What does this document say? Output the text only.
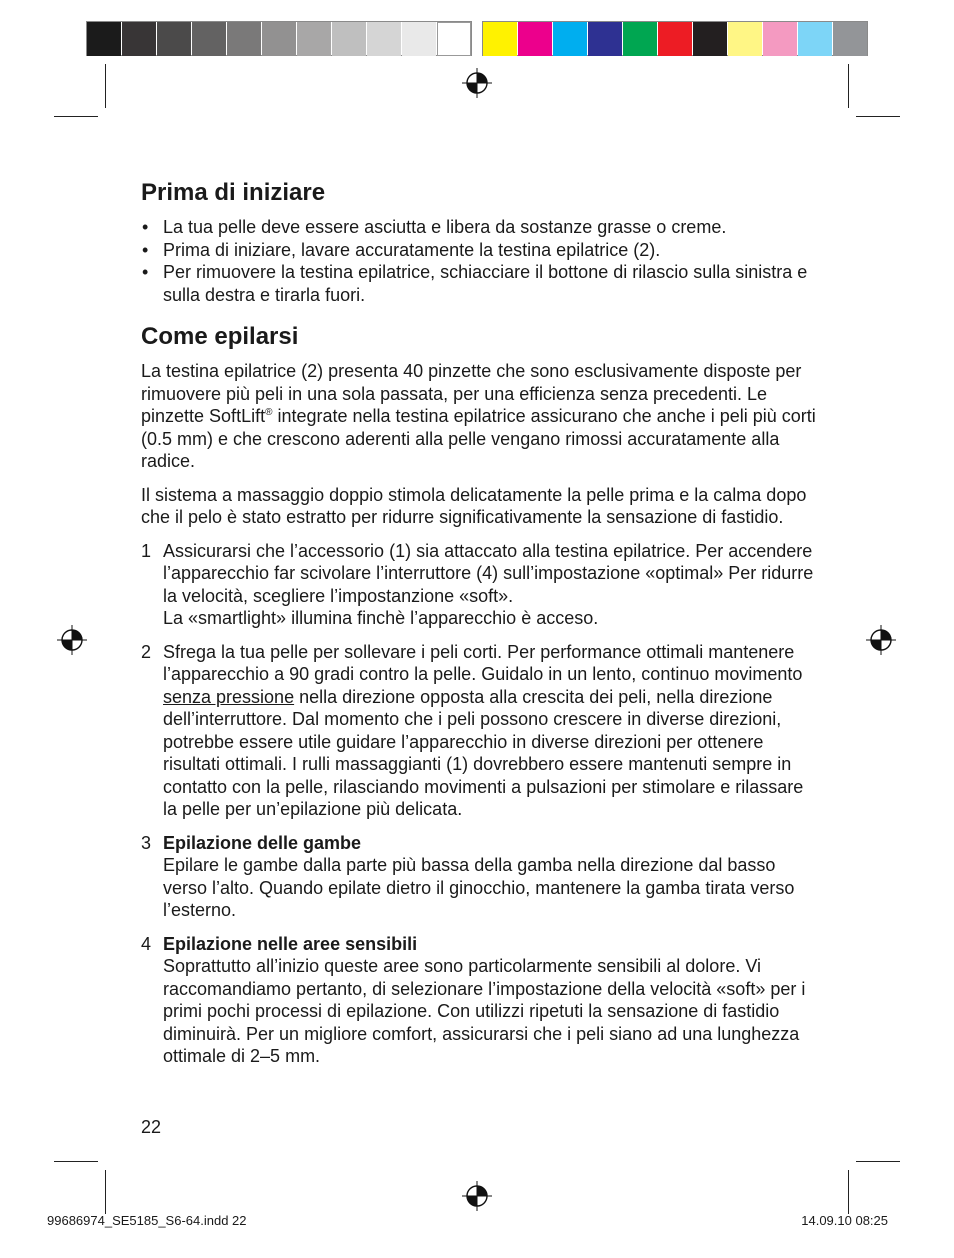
Prima di iniziare
• La tua pelle deve essere asciutta e libera da sostanze grasse o creme.
• Prima di iniziare, lavare accuratamente la testina epilatrice (2).
• Per rimuovere la testina epilatrice, schiacciare il bottone di rilascio sulla sinistra e sulla destra e tirarla fuori.
Come epilarsi

La testina epilatrice (2) presenta 40 pinzette che sono esclusivamente disposte per rimuovere più peli in una sola passata, per una efficienza senza precedenti. Le pinzette SoftLift® integrate nella testina epilatrice assicurano che anche i peli più corti (0.5 mm) e che crescono aderenti alla pelle vengano rimossi accuratamente alla radice.

Il sistema a massaggio doppio stimola delicatamente la pelle prima e la calma dopo che il pelo è stato estratto per ridurre significativamente la sensazione di fastidio.

1 Assicurarsi che l’accessorio (1) sia attaccato alla testina epilatrice. Per accendere l’apparecchio far scivolare l’interruttore (4) sull’impostazione «optimal» Per ridurre la velocità, scegliere l’impostanzione «soft».
La «smartlight» illumina finchè l’apparecchio è acceso.
2 Sfrega la tua pelle per sollevare i peli corti. Per performance ottimali mantenere l’apparecchio a 90 gradi contro la pelle. Guidalo in un lento, continuo movimento senza pressione nella direzione opposta alla crescita dei peli, nella direzione dell’interruttore. Dal momento che i peli possono crescere in diverse direzioni, potrebbe essere utile guidare l’apparecchio in diverse direzioni per ottenere risultati ottimali. I rulli massaggianti (1) dovrebbero essere mantenuti sempre in contatto con la pelle, rilasciando movimenti a pulsazioni per stimolare e rilassare la pelle per un’epilazione più delicata.
3 Epilazione delle gambe
Epilare le gambe dalla parte più bassa della gamba nella direzione dal basso verso l’alto. Quando epilate dietro il ginocchio, mantenere la gamba tirata verso l’esterno.
4 Epilazione nelle aree sensibili
Soprattutto all’inizio queste aree sono particolarmente sensibili al dolore. Vi raccomandiamo pertanto, di selezionare l’impostazione della velocità «soft» per i primi pochi processi di epilazione. Con utilizzi ripetuti la sensazione di fastidio diminuirà. Per un migliore comfort, assicurarsi che i peli siano ad una lunghezza ottimale di 2–5 mm.
22
99686974_SE5185_S6-64.indd 22	14.09.10 08:25
